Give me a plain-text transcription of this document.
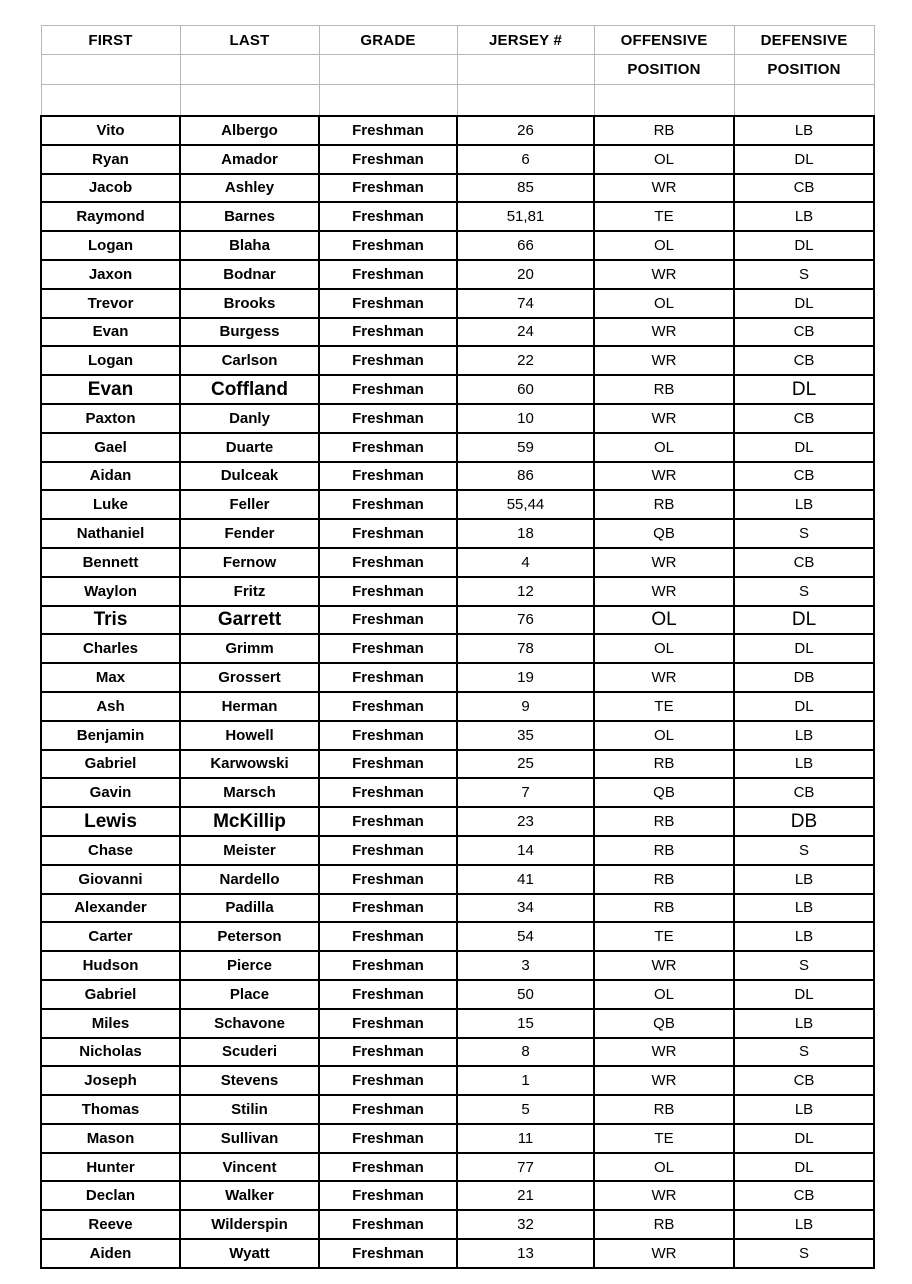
FIRST	LAST	GRADE	JERSEY #	OFFENSIVE	DEFENSIVE
				POSITION	POSITION

Vito	Albergo	Freshman	26	RB	LB
Ryan	Amador	Freshman	6	OL	DL
Jacob	Ashley	Freshman	85	WR	CB
Raymond	Barnes	Freshman	51,81	TE	LB
Logan	Blaha	Freshman	66	OL	DL
Jaxon	Bodnar	Freshman	20	WR	S
Trevor	Brooks	Freshman	74	OL	DL
Evan	Burgess	Freshman	24	WR	CB
Logan	Carlson	Freshman	22	WR	CB
Evan	Coffland	Freshman	60	RB	DL
Paxton	Danly	Freshman	10	WR	CB
Gael	Duarte	Freshman	59	OL	DL
Aidan	Dulceak	Freshman	86	WR	CB
Luke	Feller	Freshman	55,44	RB	LB
Nathaniel	Fender	Freshman	18	QB	S
Bennett	Fernow	Freshman	4	WR	CB
Waylon	Fritz	Freshman	12	WR	S
Tris	Garrett	Freshman	76	OL	DL
Charles	Grimm	Freshman	78	OL	DL
Max	Grossert	Freshman	19	WR	DB
Ash	Herman	Freshman	9	TE	DL
Benjamin	Howell	Freshman	35	OL	LB
Gabriel	Karwowski	Freshman	25	RB	LB
Gavin	Marsch	Freshman	7	QB	CB
Lewis	McKillip	Freshman	23	RB	DB
Chase	Meister	Freshman	14	RB	S
Giovanni	Nardello	Freshman	41	RB	LB
Alexander	Padilla	Freshman	34	RB	LB
Carter	Peterson	Freshman	54	TE	LB
Hudson	Pierce	Freshman	3	WR	S
Gabriel	Place	Freshman	50	OL	DL
Miles	Schavone	Freshman	15	QB	LB
Nicholas	Scuderi	Freshman	8	WR	S
Joseph	Stevens	Freshman	1	WR	CB
Thomas	Stilin	Freshman	5	RB	LB
Mason	Sullivan	Freshman	11	TE	DL
Hunter	Vincent	Freshman	77	OL	DL
Declan	Walker	Freshman	21	WR	CB
Reeve	Wilderspin	Freshman	32	RB	LB
Aiden	Wyatt	Freshman	13	WR	S
